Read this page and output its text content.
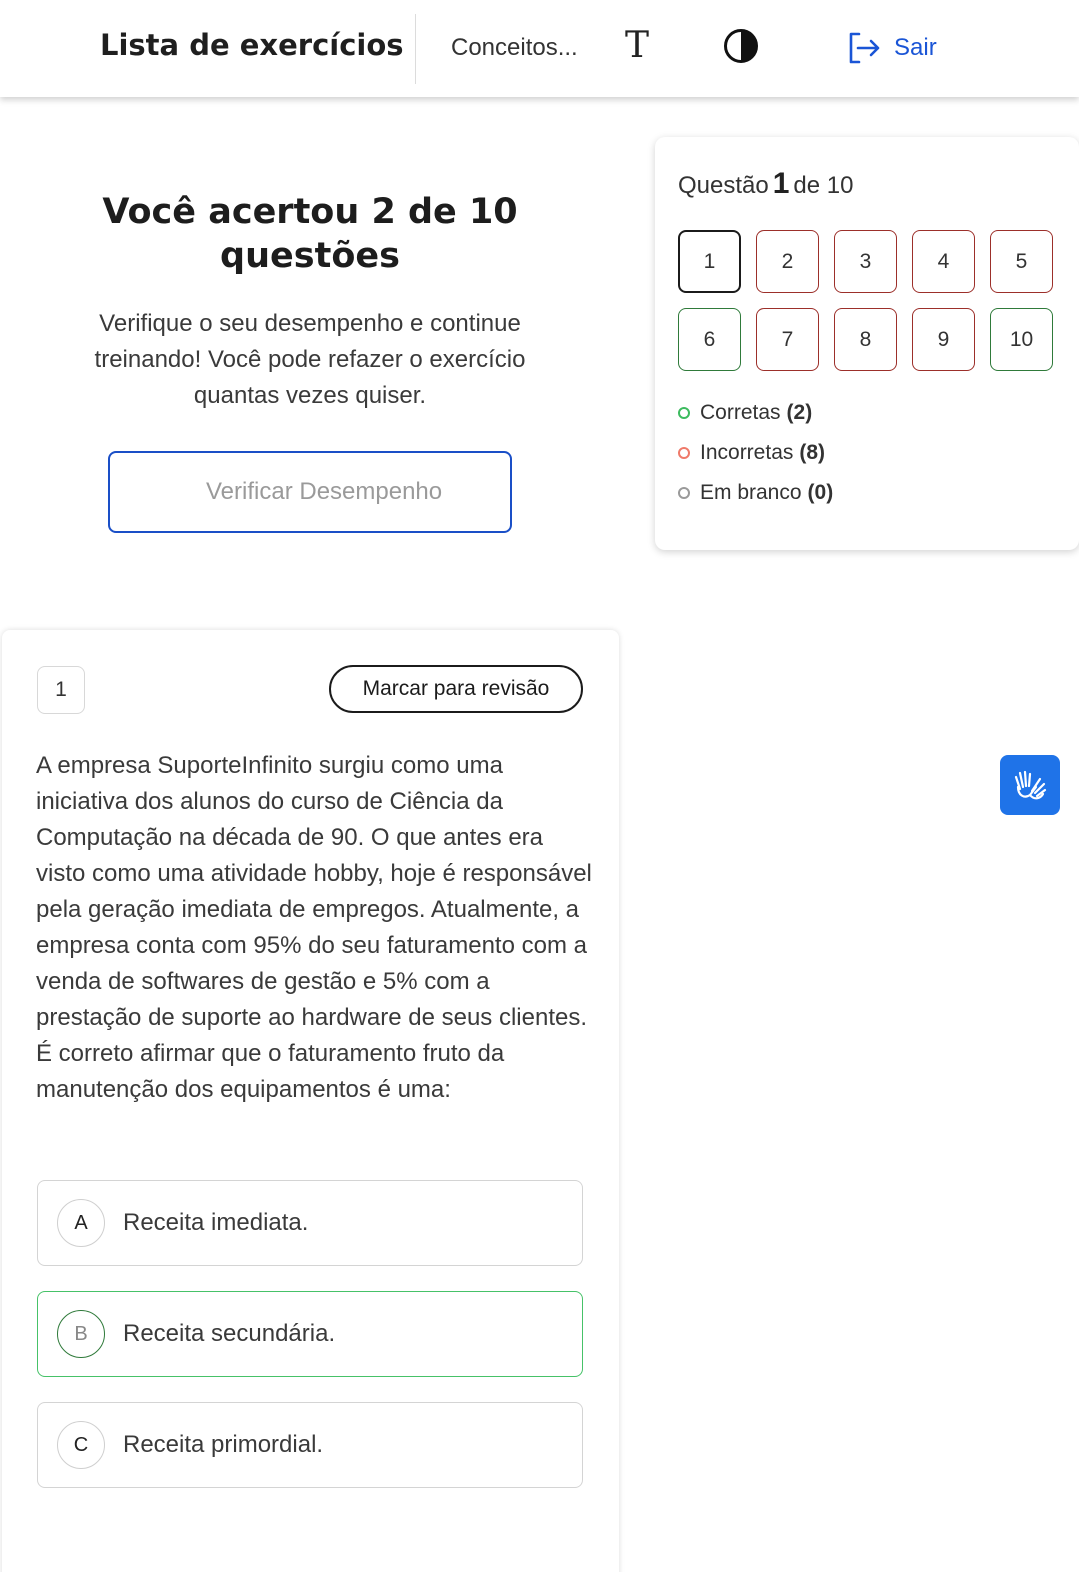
Lista de exercícios Conceitos... T	Sair
Você acertou 2 de 10 questões
Verifique o seu desempenho e continue treinando! Você pode refazer o exercício quantas vezes quiser.
Verificar Desempenho
Questão 1 de 10
1	2	3	4	5
6	7	8	9	10
Corretas (2)
Incorretas (8)
Em branco (0)
1	Marcar para revisão
A empresa SuporteInfinito surgiu como uma iniciativa dos alunos do curso de Ciência da Computação na década de 90. O que antes era visto como uma atividade hobby, hoje é responsável pela geração imediata de empregos. Atualmente, a empresa conta com 95% do seu faturamento com a venda de softwares de gestão e 5% com a prestação de suporte ao hardware de seus clientes. É correto afirmar que o faturamento fruto da manutenção dos equipamentos é uma:
A	Receita imediata.
B	Receita secundária.
C	Receita primordial.
